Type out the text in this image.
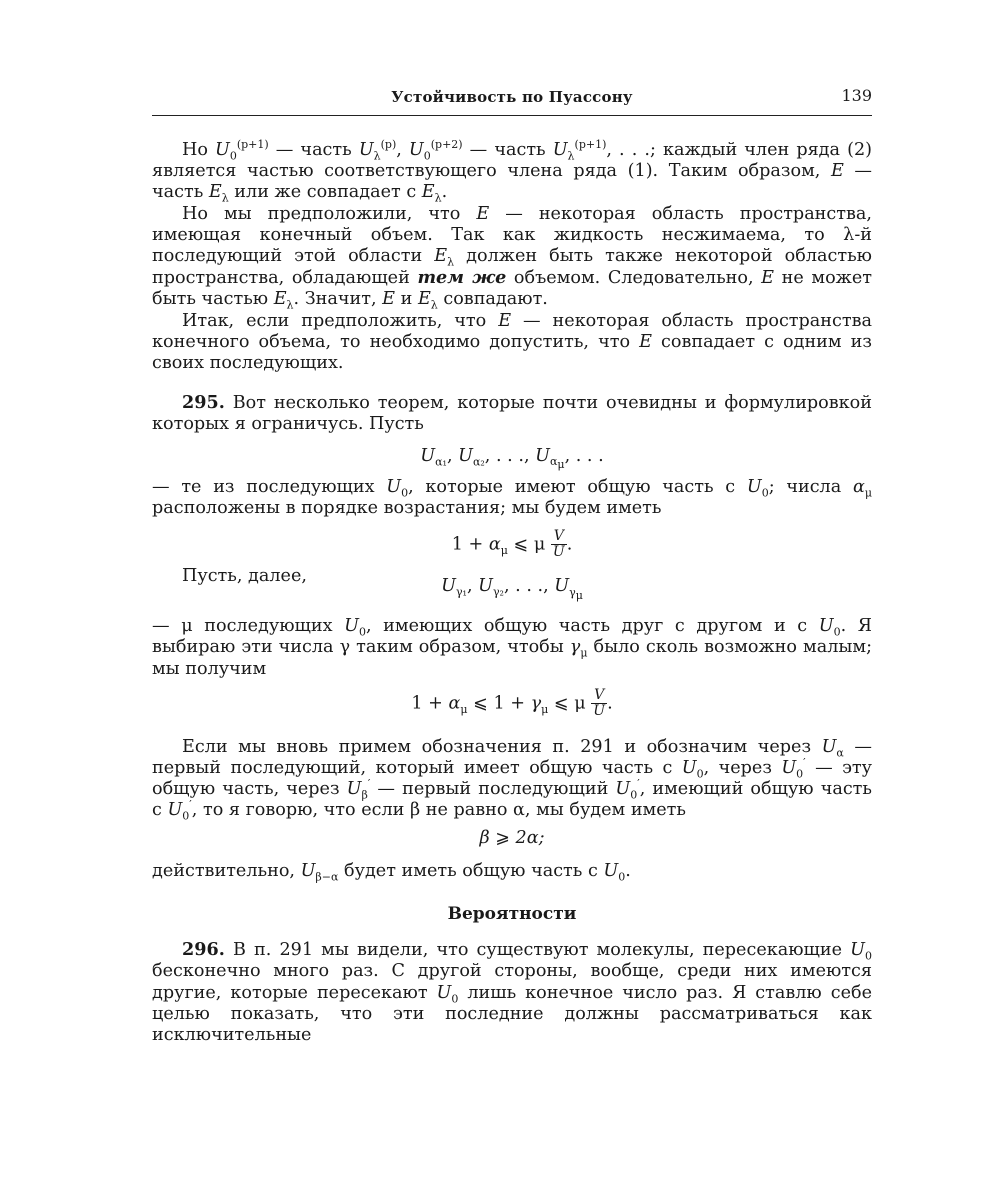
Устойчивость по Пуассону	139

Но $U_0^{(p+1)}$ — часть $U_\lambda^{(p)}$, $U_0^{(p+2)}$ — часть $U_\lambda^{(p+1)}$, . . .; каждый член ряда (2) является частью соответствующего члена ряда (1). Таким образом, E — часть $E_\lambda$ или же совпадает с $E_\lambda$.

Но мы предположили, что E — некоторая область пространства, имеющая конечный объем. Так как жидкость несжимаема, то λ-й последующий этой области $E_\lambda$ должен быть также некоторой областью пространства, обладающей тем же объемом. Следовательно, E не может быть частью $E_\lambda$. Значит, E и $E_\lambda$ совпадают.

Итак, если предположить, что E — некоторая область пространства конечного объема, то необходимо допустить, что E совпадает с одним из своих последующих.

295. Вот несколько теорем, которые почти очевидны и формулировкой которых я ограничусь. Пусть

$U_{\alpha_1}$, $U_{\alpha_2}$, . . ., $U_{\alpha_\mu}$, . . .

— те из последующих $U_0$, которые имеют общую часть с $U_0$; числа $\alpha_\mu$ расположены в порядке возрастания; мы будем иметь

$1 + \alpha_\mu$ ⩽ μ $\frac{V}{U}$ .
Пусть, далее,	$U_{\gamma_1}$, $U_{\gamma_2}$, . . ., $U_{\gamma_\mu}$

— μ последующих $U_0$, имеющих общую часть друг с другом и с $U_0$. Я выбираю эти числа γ таким образом, чтобы $\gamma_\mu$ было сколь возможно малым; мы получим

$1 + \alpha_\mu$ ⩽ $1 + \gamma_\mu$ ⩽ μ $\frac{V}{U}$ .

Если мы вновь примем обозначения п. 291 и обозначим через $U_\alpha$ — первый последующий, который имеет общую часть с $U_0$, через $U_0'$ — эту общую часть, через $U_\beta'$ — первый последующий $U_0'$, имеющий общую часть с $U_0'$, то я говорю, что если β не равно α, мы будем иметь

β ⩾ 2α;

действительно, $U_{\beta-\alpha}$ будет иметь общую часть с $U_0$.

Вероятности

296. В п. 291 мы видели, что существуют молекулы, пересекающие $U_0$ бесконечно много раз. С другой стороны, вообще, среди них имеются другие, которые пересекают $U_0$ лишь конечное число раз. Я ставлю себе целью показать, что эти последние должны рассматриваться как исключительные
